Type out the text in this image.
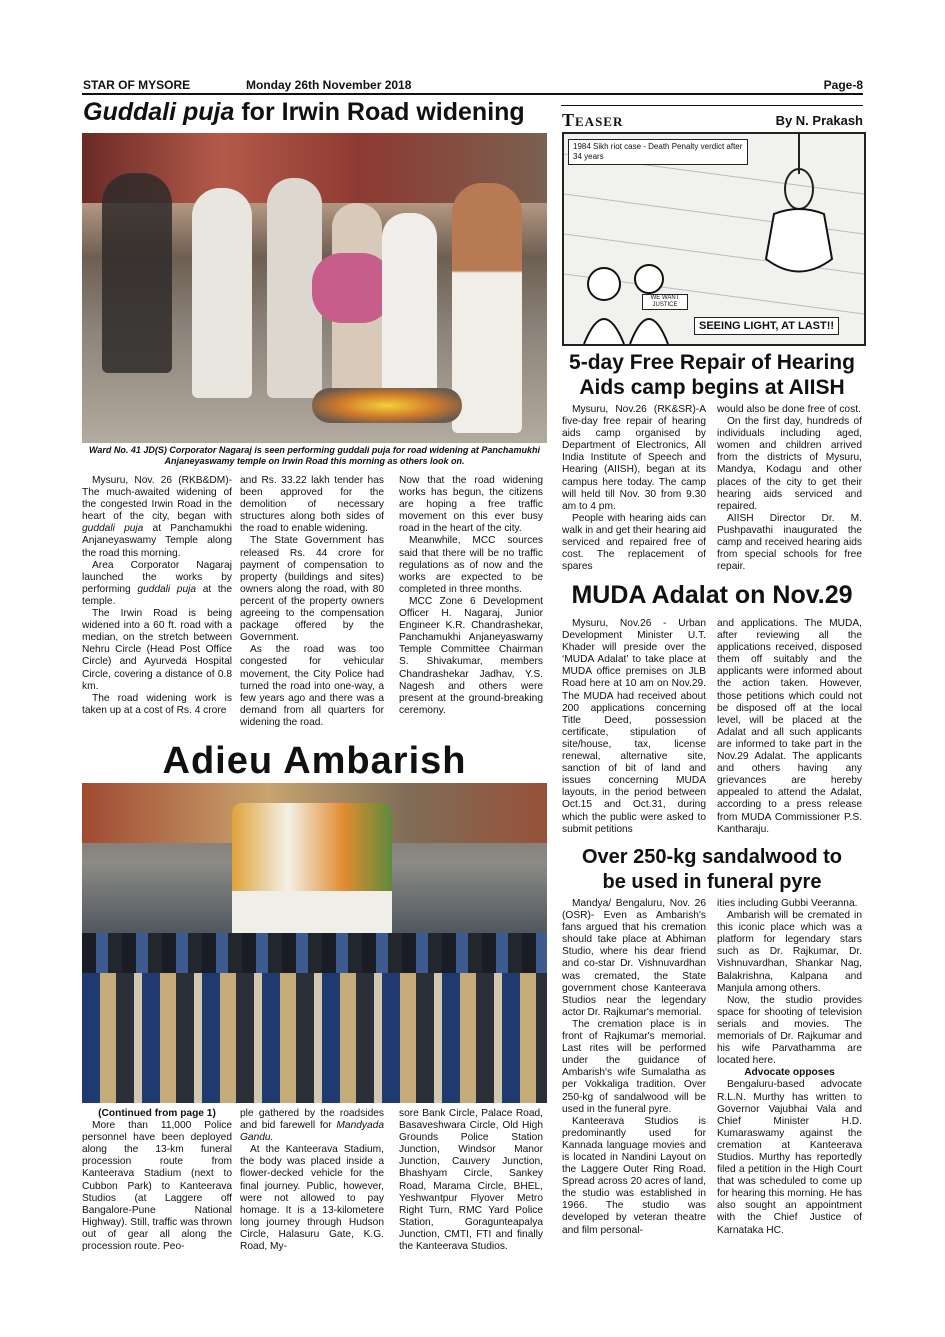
STAR OF MYSORE	Monday 26th November 2018	Page-8
Guddali puja for Irwin Road widening
Ward No. 41 JD(S) Corporator Nagaraj is seen performing guddali puja for road widening at Panchamukhi Anjaneyaswamy temple on Irwin Road this morning as others look on.

Mysuru, Nov. 26 (RKB&DM)- The much-awaited widening of the congested Irwin Road in the heart of the city, began with guddali puja at Panchamukhi Anjaneyaswamy Temple along the road this morning.

Area Corporator Nagaraj launched the works by performing guddali puja at the temple.

The Irwin Road is being widened into a 60 ft. road with a median, on the stretch between Nehru Circle (Head Post Office Circle) and Ayurveda Hospital Circle, covering a distance of 0.8 km.

The road widening work is taken up at a cost of Rs. 4 crore

and Rs. 33.22 lakh tender has been approved for the demolition of necessary structures along both sides of the road to enable widening.

The State Government has released Rs. 44 crore for payment of compensation to property (buildings and sites) owners along the road, with 80 percent of the property owners agreeing to the compensation package offered by the Government.

As the road was too congested for vehicular movement, the City Police had turned the road into one-way, a few years ago and there was a demand from all quarters for widening the road.

Now that the road widening works has begun, the citizens are hoping a free traffic movement on this ever busy road in the heart of the city.

Meanwhile, MCC sources said that there will be no traffic regulations as of now and the works are expected to be completed in three months.

MCC Zone 6 Development Officer H. Nagaraj, Junior Engineer K.R. Chandrashekar, Panchamukhi Anjaneyaswamy Temple Committee Chairman S. Shivakumar, members Chandrashekar Jadhav, Y.S. Nagesh and others were present at the ground-breaking ceremony.

Adieu Ambarish

(Continued from page 1)

More than 11,000 Police personnel have been deployed along the 13-km funeral procession route from Kanteerava Stadium (next to Cubbon Park) to Kanteerava Studios (at Laggere off Bangalore-Pune National Highway). Still, traffic was thrown out of gear all along the procession route. Peo-

ple gathered by the roadsides and bid farewell for Mandyada Gandu.

At the Kanteerava Stadium, the body was placed inside a flower-decked vehicle for the final journey. Public, however, were not allowed to pay homage. It is a 13-kilometere long journey through Hudson Circle, Halasuru Gate, K.G. Road, My-

sore Bank Circle, Palace Road, Basaveshwara Circle, Old High Grounds Police Station Junction, Windsor Manor Junction, Cauvery Junction, Bhashyam Circle, Sankey Road, Marama Circle, BHEL, Yeshwantpur Flyover Metro Right Turn, RMC Yard Police Station, Goragunteapalya Junction, CMTI, FTI and finally the Kanteerava Studios.

Teaser	By N. Prakash
1984 Sikh riot case - Death Penalty verdict after 34 years
WE WANT JUSTICE
SEEING LIGHT, AT LAST!!
5-day Free Repair of Hearing
Aids camp begins at AIISH

Mysuru, Nov.26 (RK&SR)-A five-day free repair of hearing aids camp organised by Department of Electronics, All India Institute of Speech and Hearing (AIISH), began at its campus here today. The camp will held till Nov. 30 from 9.30 am to 4 pm.

People with hearing aids can walk in and get their hearing aid serviced and repaired free of cost. The replacement of spares

would also be done free of cost.

On the first day, hundreds of individuals including aged, women and children arrived from the districts of Mysuru, Mandya, Kodagu and other places of the city to get their hearing aids serviced and repaired.

AIISH Director Dr. M. Pushpavathi inaugurated the camp and received hearing aids from special schools for free repair.

MUDA Adalat on Nov.29

Mysuru, Nov.26 - Urban Development Minister U.T. Khader will preside over the ‘MUDA Adalat’ to take place at MUDA office premises on JLB Road here at 10 am on Nov.29. The MUDA had received about 200 applications concerning Title Deed, possession certificate, stipulation of site/house, tax, license renewal, alternative site, sanction of bit of land and issues concerning MUDA layouts, in the period between Oct.15 and Oct.31, during which the public were asked to submit petitions

and applications. The MUDA, after reviewing all the applications received, disposed them off suitably and the applicants were informed about the action taken. However, those petitions which could not be disposed off at the local level, will be placed at the Adalat and all such applicants are informed to take part in the Nov.29 Adalat. The applicants and others having any grievances are hereby appealed to attend the Adalat, according to a press release from MUDA Commissioner P.S. Kantharaju.

Over 250-kg sandalwood to
be used in funeral pyre

Mandya/ Bengaluru, Nov. 26 (OSR)- Even as Ambarish's fans argued that his cremation should take place at Abhiman Studio, where his dear friend and co-star Dr. Vishnuvardhan was cremated, the State government chose Kanteerava Studios near the legendary actor Dr. Rajkumar's memorial.

The cremation place is in front of Rajkumar's memorial. Last rites will be performed under the guidance of Ambarish's wife Sumalatha as per Vokkaliga tradition. Over 250-kg of sandalwood will be used in the funeral pyre.

Kanteerava Studios is predominantly used for Kannada language movies and is located in Nandini Layout on the Laggere Outer Ring Road. Spread across 20 acres of land, the studio was established in 1966. The studio was developed by veteran theatre and film personal-

ities including Gubbi Veeranna.

Ambarish will be cremated in this iconic place which was a platform for legendary stars such as Dr. Rajkumar, Dr. Vishnuvardhan, Shankar Nag, Balakrishna, Kalpana and Manjula among others.

Now, the studio provides space for shooting of television serials and movies. The memorials of Dr. Rajkumar and his wife Parvathamma are located here.

Advocate opposes

Bengaluru-based advocate R.L.N. Murthy has written to Governor Vajubhai Vala and Chief Minister H.D. Kumaraswamy against the cremation at Kanteerava Studios. Murthy has reportedly filed a petition in the High Court that was scheduled to come up for hearing this morning. He has also sought an appointment with the Chief Justice of Karnataka HC.
